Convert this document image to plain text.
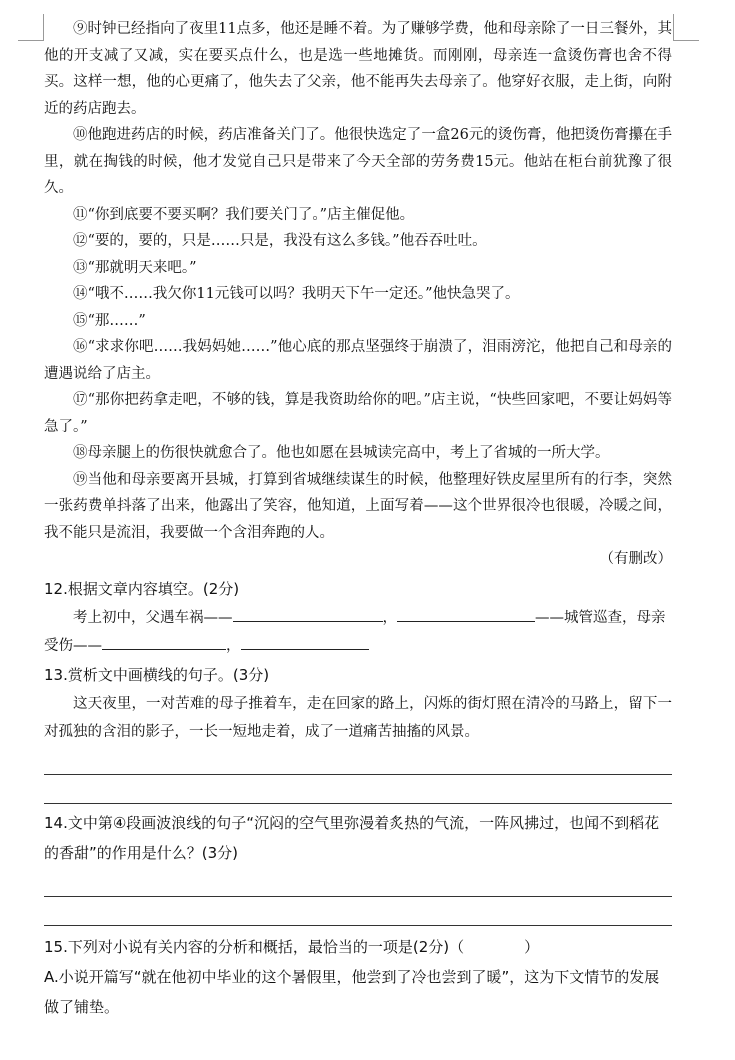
⑨时钟已经指向了夜里11点多，他还是睡不着。为了赚够学费，他和母亲除了一日三餐外，其他的开支减了又减，实在要买点什么，也是选一些地摊货。而刚刚，母亲连一盒烫伤膏也舍不得买。这样一想，他的心更痛了，他失去了父亲，他不能再失去母亲了。他穿好衣服，走上街，向附近的药店跑去。

⑩他跑进药店的时候，药店准备关门了。他很快选定了一盒26元的烫伤膏，他把烫伤膏攥在手里，就在掏钱的时候，他才发觉自己只是带来了今天全部的劳务费15元。他站在柜台前犹豫了很久。

⑪“你到底要不要买啊？我们要关门了。”店主催促他。

⑫“要的，要的，只是……只是，我没有这么多钱。”他吞吞吐吐。

⑬“那就明天来吧。”

⑭“哦不……我欠你11元钱可以吗？我明天下午一定还。”他快急哭了。

⑮“那……”

⑯“求求你吧……我妈妈她……”他心底的那点坚强终于崩溃了，泪雨滂沱，他把自己和母亲的遭遇说给了店主。

⑰“那你把药拿走吧，不够的钱，算是我资助给你的吧。”店主说，“快些回家吧，不要让妈妈等急了。”

⑱母亲腿上的伤很快就愈合了。他也如愿在县城读完高中，考上了省城的一所大学。

⑲当他和母亲要离开县城，打算到省城继续谋生的时候，他整理好铁皮屋里所有的行李，突然一张药费单抖落了出来，他露出了笑容，他知道，上面写着——这个世界很冷也很暖，冷暖之间，我不能只是流泪，我要做一个含泪奔跑的人。

（有删改）

12.根据文章内容填空。(2分)

考上初中，父遇车祸——	，	——城管巡查，母亲

受伤——	，

13.赏析文中画横线的句子。(3分)

这天夜里，一对苦难的母子推着车，走在回家的路上，闪烁的街灯照在清冷的马路上，留下一对孤独的含泪的影子，一长一短地走着，成了一道痛苦抽搐的风景。

14.文中第④段画波浪线的句子“沉闷的空气里弥漫着炙热的气流，一阵风拂过，也闻不到稻花的香甜”的作用是什么？(3分)

15.下列对小说有关内容的分析和概括，最恰当的一项是(2分)（	）

A.小说开篇写“就在他初中毕业的这个暑假里，他尝到了冷也尝到了暖”，这为下文情节的发展做了铺垫。
